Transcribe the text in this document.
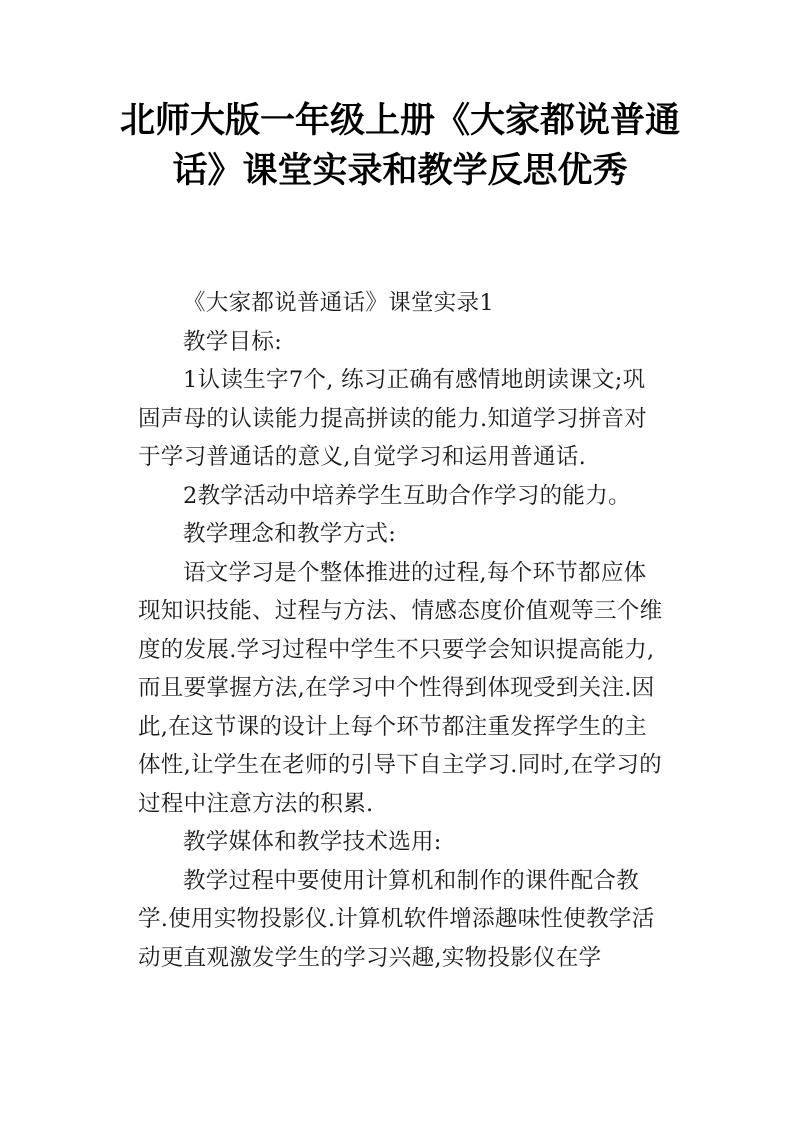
北师大版一年级上册《大家都说普通话》课堂实录和教学反思优秀

《大家都说普通话》课堂实录1

教学目标:

1认读生字7个, 练习正确有感情地朗读课文;巩固声母的认读能力提高拼读的能力.知道学习拼音对于学习普通话的意义,自觉学习和运用普通话.

2教学活动中培养学生互助合作学习的能力。

教学理念和教学方式:

语文学习是个整体推进的过程,每个环节都应体现知识技能、过程与方法、情感态度价值观等三个维度的发展.学习过程中学生不只要学会知识提高能力,而且要掌握方法,在学习中个性得到体现受到关注.因此,在这节课的设计上每个环节都注重发挥学生的主体性,让学生在老师的引导下自主学习.同时,在学习的过程中注意方法的积累.

教学媒体和教学技术选用:

教学过程中要使用计算机和制作的课件配合教学.使用实物投影仪.计算机软件增添趣味性使教学活动更直观激发学生的学习兴趣,实物投影仪在学
